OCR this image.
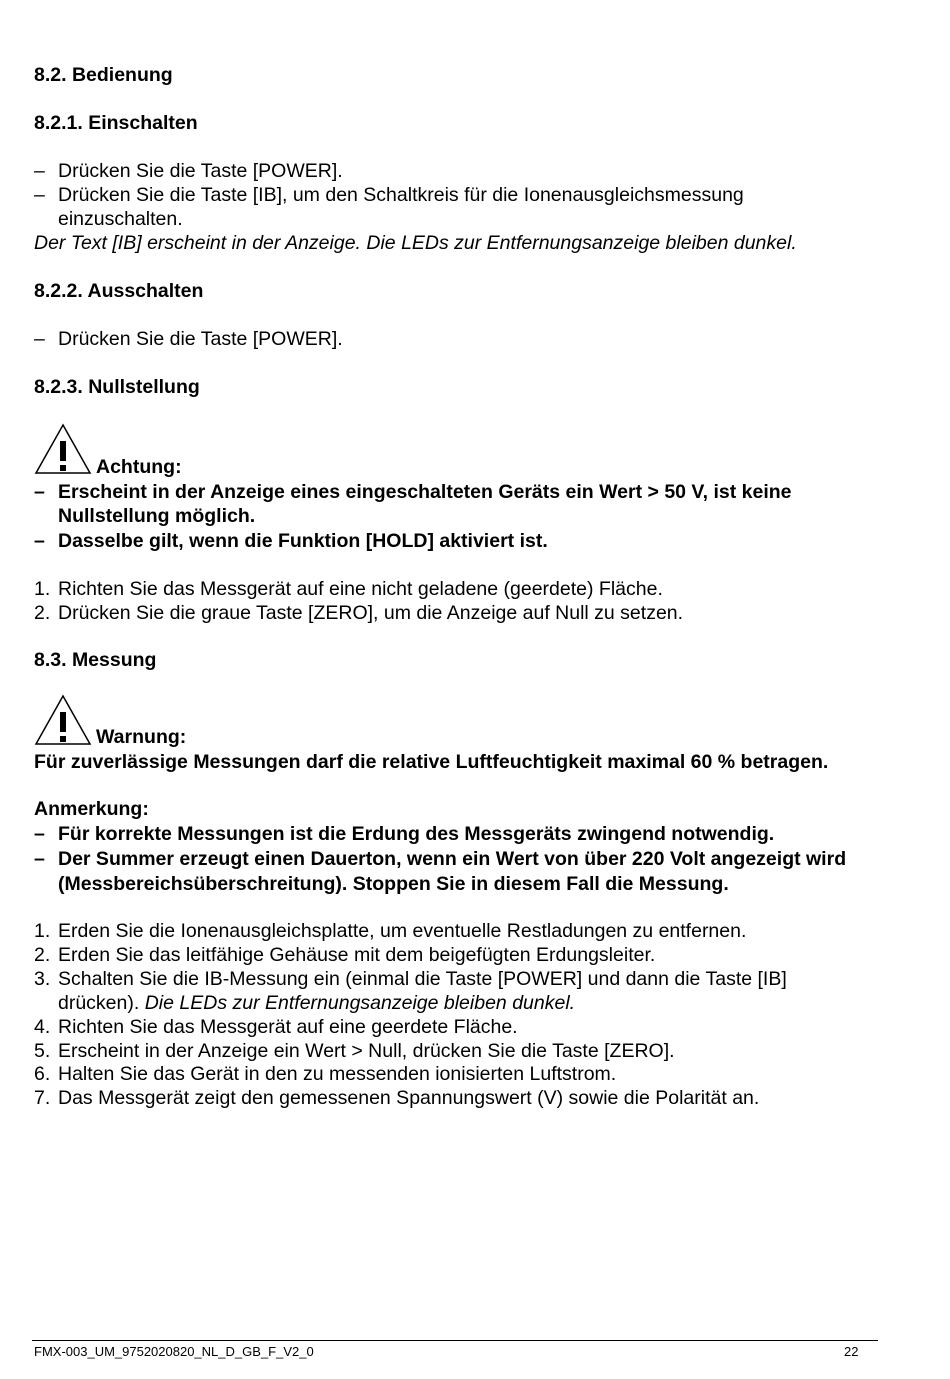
8.2. Bedienung
8.2.1. Einschalten
– Drücken Sie die Taste [POWER].
– Drücken Sie die Taste [IB], um den Schaltkreis für die Ionenausgleichsmessung
einzuschalten.
Der Text [IB] erscheint in der Anzeige. Die LEDs zur Entfernungsanzeige bleiben dunkel.
8.2.2. Ausschalten
– Drücken Sie die Taste [POWER].
8.2.3. Nullstellung
Achtung:
– Erscheint in der Anzeige eines eingeschalteten Geräts ein Wert > 50 V, ist keine
Nullstellung möglich.
– Dasselbe gilt, wenn die Funktion [HOLD] aktiviert ist.
1. Richten Sie das Messgerät auf eine nicht geladene (geerdete) Fläche.
2. Drücken Sie die graue Taste [ZERO], um die Anzeige auf Null zu setzen.
8.3. Messung
Warnung:
Für zuverlässige Messungen darf die relative Luftfeuchtigkeit maximal 60 % betragen.
Anmerkung:
– Für korrekte Messungen ist die Erdung des Messgeräts zwingend notwendig.
– Der Summer erzeugt einen Dauerton, wenn ein Wert von über 220 Volt angezeigt wird
(Messbereichsüberschreitung). Stoppen Sie in diesem Fall die Messung.
1. Erden Sie die Ionenausgleichsplatte, um eventuelle Restladungen zu entfernen.
2. Erden Sie das leitfähige Gehäuse mit dem beigefügten Erdungsleiter.
3. Schalten Sie die IB-Messung ein (einmal die Taste [POWER] und dann die Taste [IB]
drücken). Die LEDs zur Entfernungsanzeige bleiben dunkel.
4. Richten Sie das Messgerät auf eine geerdete Fläche.
5. Erscheint in der Anzeige ein Wert > Null, drücken Sie die Taste [ZERO].
6. Halten Sie das Gerät in den zu messenden ionisierten Luftstrom.
7. Das Messgerät zeigt den gemessenen Spannungswert (V) sowie die Polarität an.
FMX-003_UM_9752020820_NL_D_GB_F_V2_0	22
